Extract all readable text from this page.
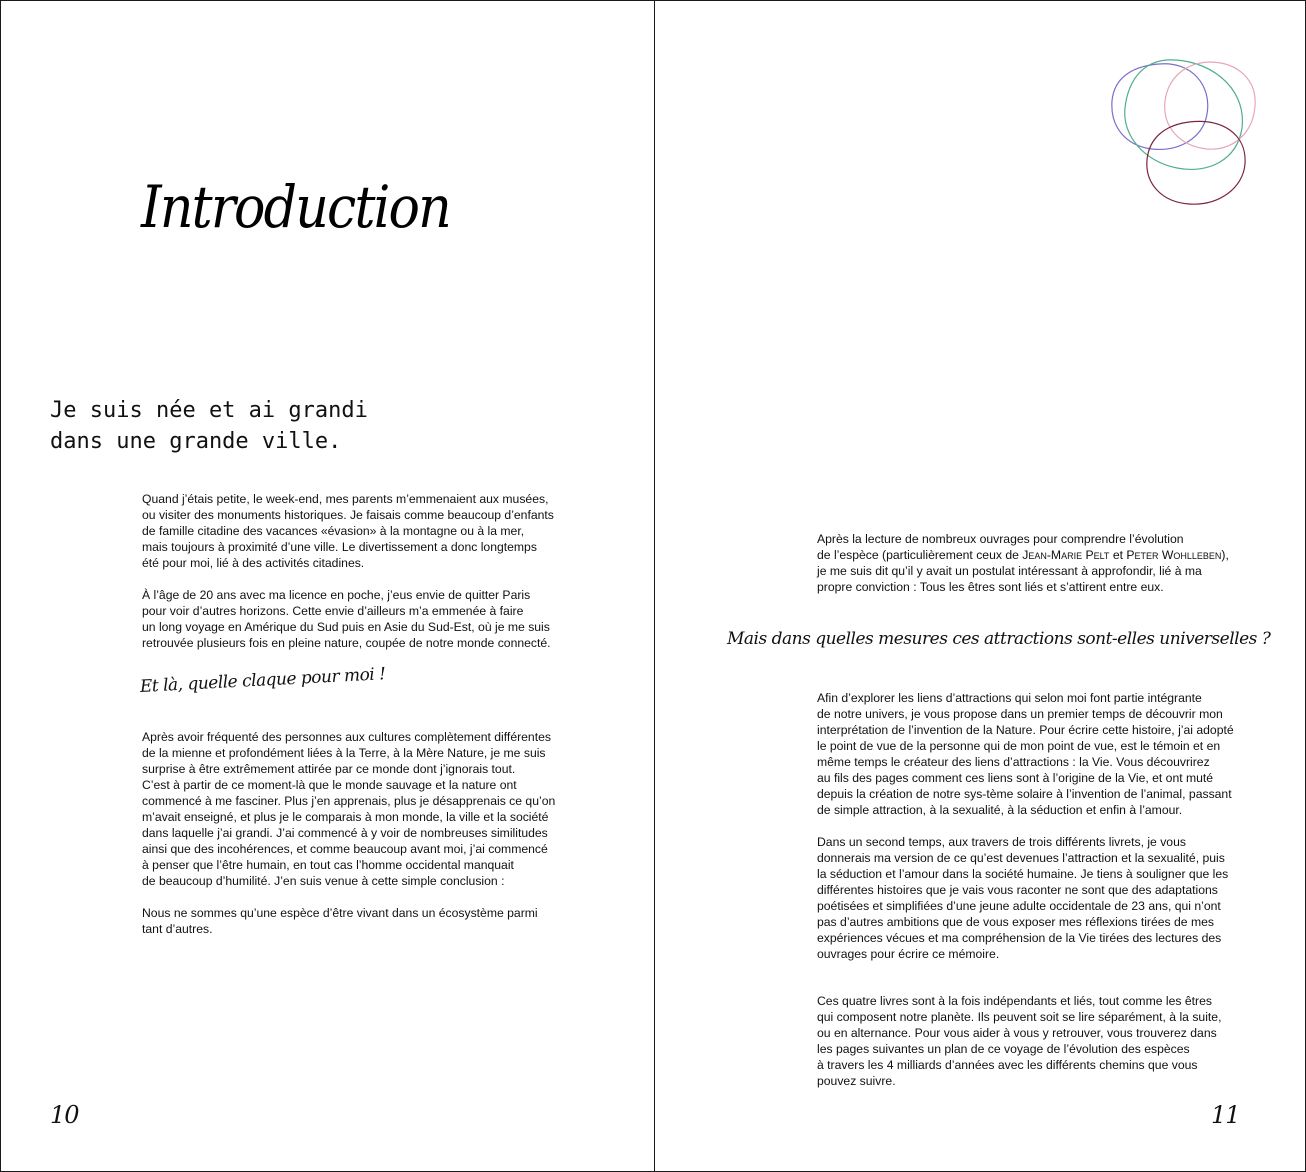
Introduction
Je suis née et ai grandi
dans une grande ville.

Quand j’étais petite, le week-end, mes parents m’emmenaient aux musées,
ou visiter des monuments historiques. Je faisais comme beaucoup d’enfants
de famille citadine des vacances «évasion» à la montagne ou à la mer,
mais toujours à proximité d’une ville. Le divertissement a donc longtemps
été pour moi, lié à des activités citadines.

À l’âge de 20 ans avec ma licence en poche, j’eus envie de quitter Paris
pour voir d’autres horizons. Cette envie d’ailleurs m’a emmenée à faire
un long voyage en Amérique du Sud puis en Asie du Sud-Est, où je me suis
retrouvée plusieurs fois en pleine nature, coupée de notre monde connecté.

Et là, quelle claque pour moi !

Après avoir fréquenté des personnes aux cultures complètement différentes
de la mienne et profondément liées à la Terre, à la Mère Nature, je me suis
surprise à être extrêmement attirée par ce monde dont j’ignorais tout.
C’est à partir de ce moment-là que le monde sauvage et la nature ont
commencé à me fasciner. Plus j’en apprenais, plus je désapprenais ce qu’on
m’avait enseigné, et plus je le comparais à mon monde, la ville et la société
dans laquelle j’ai grandi. J’ai commencé à y voir de nombreuses similitudes
ainsi que des incohérences, et comme beaucoup avant moi, j’ai commencé
à penser que l’être humain, en tout cas l’homme occidental manquait
de beaucoup d’humilité. J’en suis venue à cette simple conclusion :

Nous ne sommes qu’une espèce d’être vivant dans un écosystème parmi
tant d’autres.

10

Après la lecture de nombreux ouvrages pour comprendre l’évolution
de l’espèce (particulièrement ceux de Jean-Marie Pelt et Peter Wohlleben),
je me suis dit qu’il y avait un postulat intéressant à approfondir, lié à ma
propre conviction : Tous les êtres sont liés et s’attirent entre eux.

Mais dans quelles mesures ces attractions sont-elles universelles ?

Afin d’explorer les liens d’attractions qui selon moi font partie intégrante
de notre univers, je vous propose dans un premier temps de découvrir mon
interprétation de l’invention de la Nature. Pour écrire cette histoire, j’ai adopté
le point de vue de la personne qui de mon point de vue, est le témoin et en
même temps le créateur des liens d’attractions : la Vie. Vous découvrirez
au fils des pages comment ces liens sont à l’origine de la Vie, et ont muté
depuis la création de notre sys-tème solaire à l’invention de l’animal, passant
de simple attraction, à la sexualité, à la séduction et enfin à l’amour.

Dans un second temps, aux travers de trois différents livrets, je vous
donnerais ma version de ce qu’est devenues l’attraction et la sexualité, puis
la séduction et l’amour dans la société humaine. Je tiens à souligner que les
différentes histoires que je vais vous raconter ne sont que des adaptations
poétisées et simplifiées d’une jeune adulte occidentale de 23 ans, qui n’ont
pas d’autres ambitions que de vous exposer mes réflexions tirées de mes
expériences vécues et ma compréhension de la Vie tirées des lectures des
ouvrages pour écrire ce mémoire.

Ces quatre livres sont à la fois indépendants et liés, tout comme les êtres
qui composent notre planète. Ils peuvent soit se lire séparément, à la suite,
ou en alternance. Pour vous aider à vous y retrouver, vous trouverez dans
les pages suivantes un plan de ce voyage de l’évolution des espèces
à travers les 4 milliards d’années avec les différents chemins que vous
pouvez suivre.

11
